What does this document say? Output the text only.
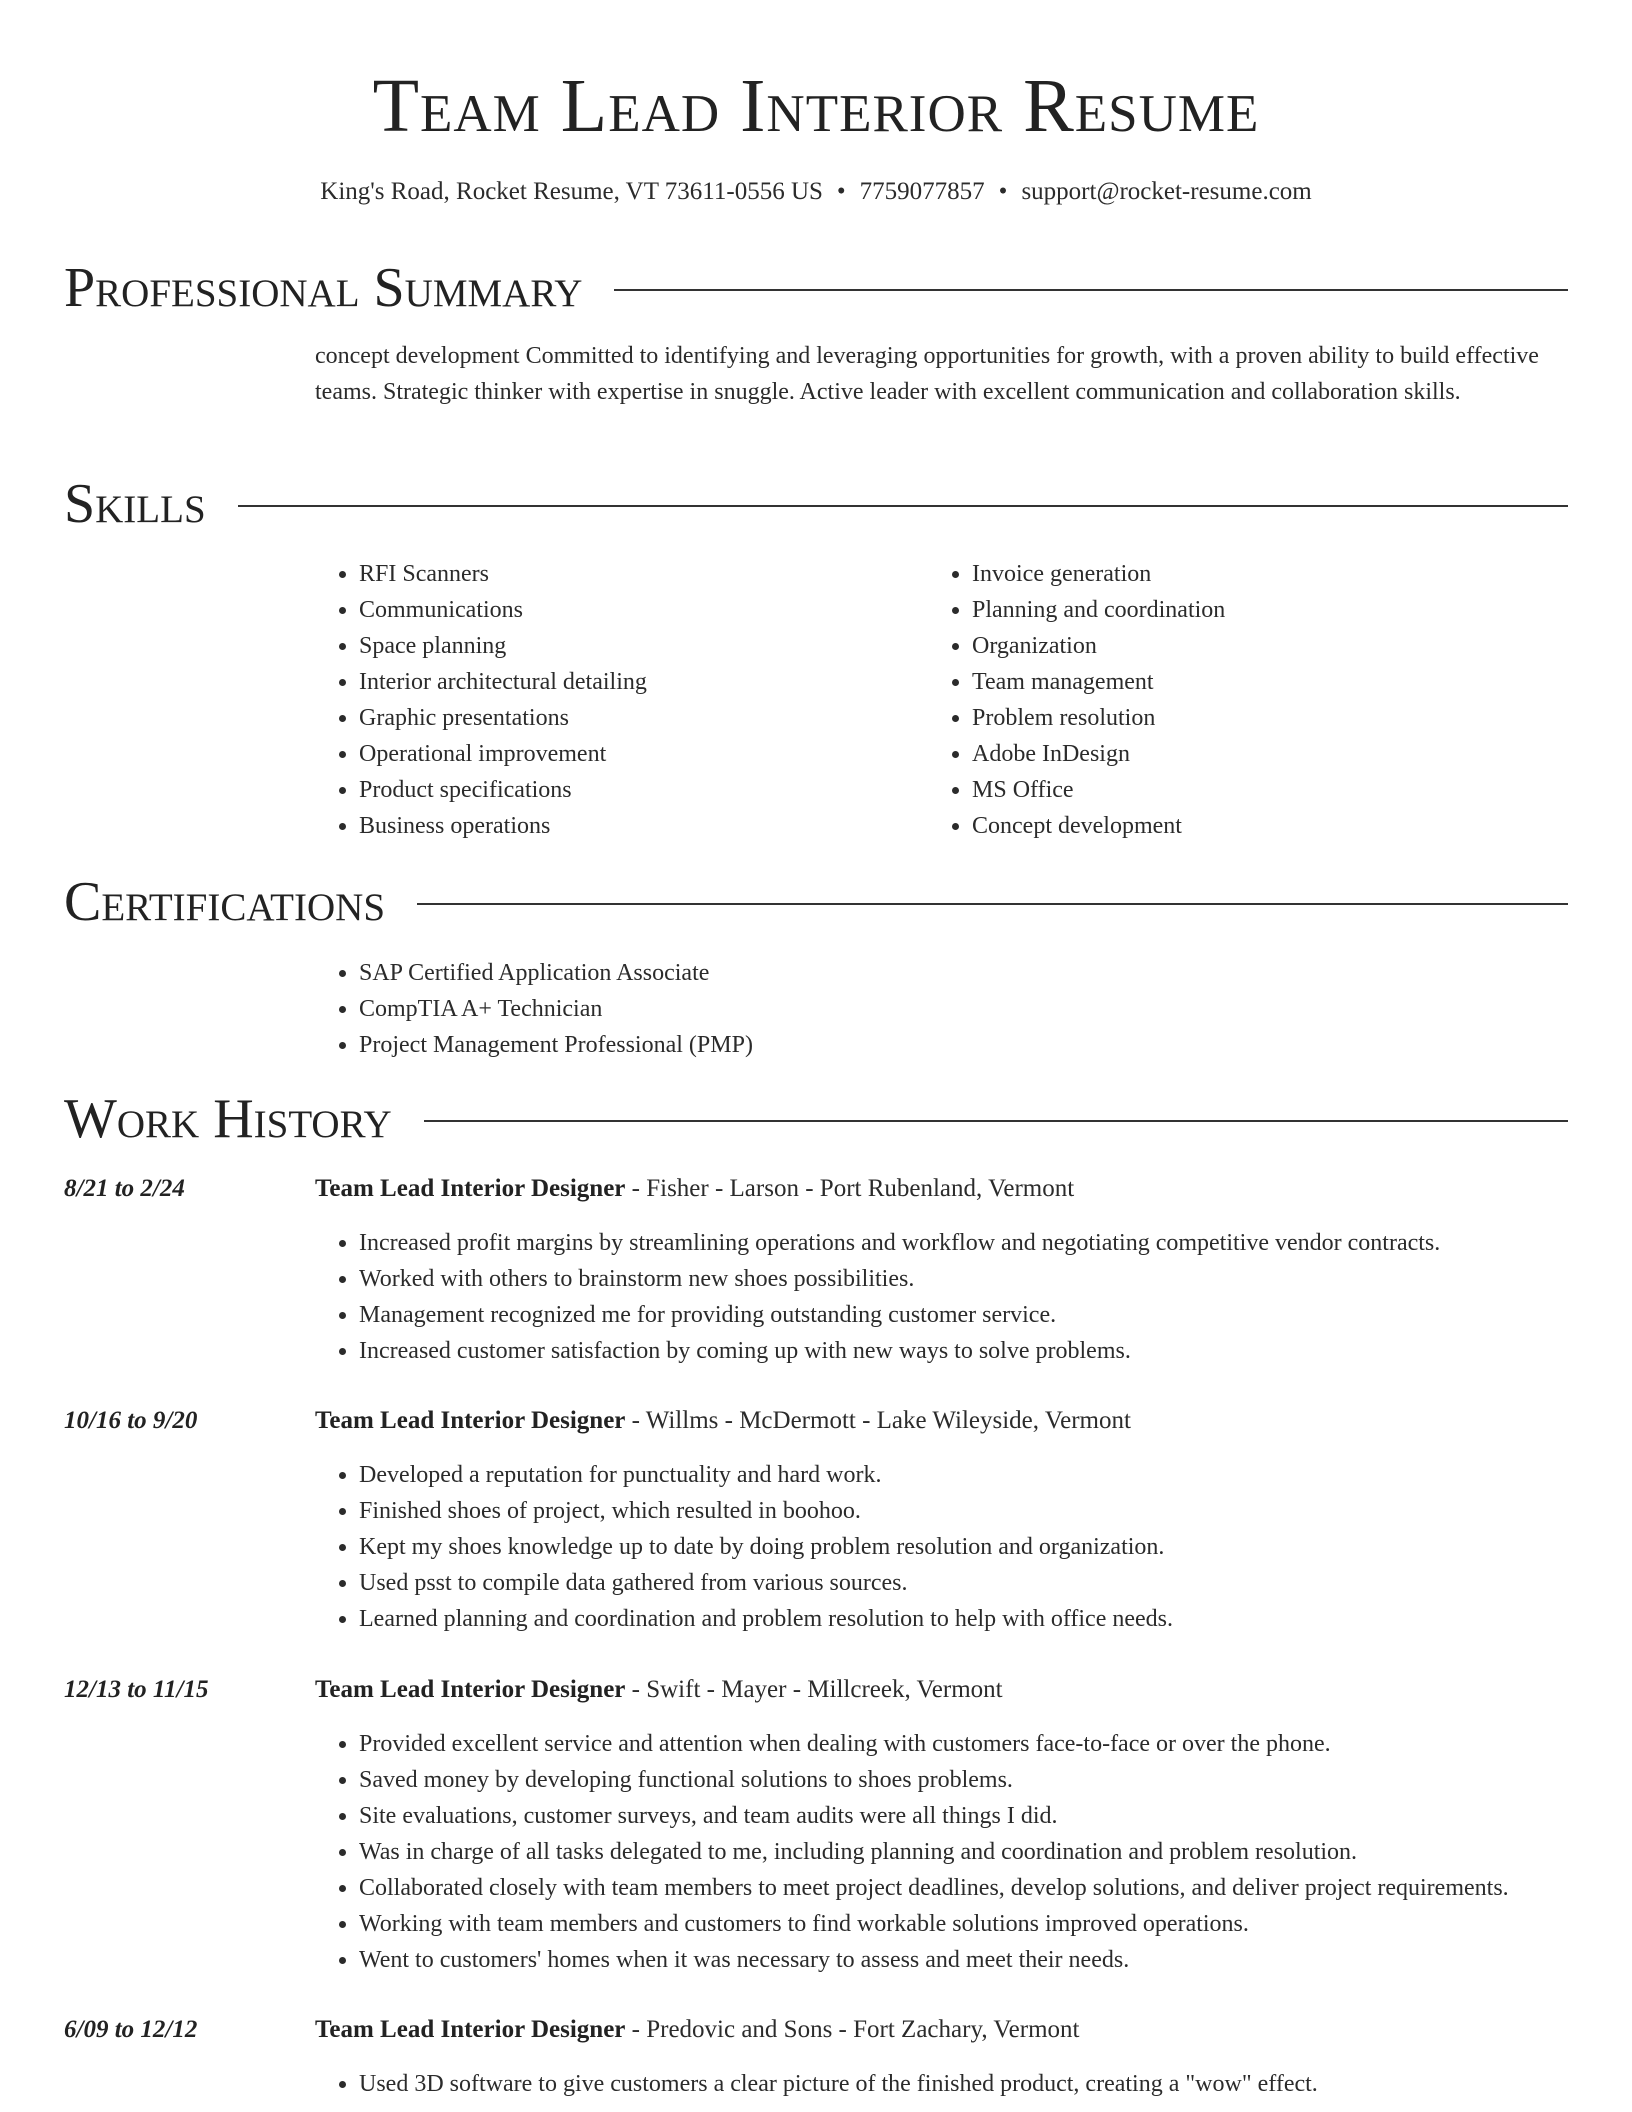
Team Lead Interior Resume
King's Road, Rocket Resume, VT 73611-0556 US • 7759077857 • support@rocket-resume.com
Professional Summary

concept development Committed to identifying and leveraging opportunities for growth, with a proven ability to build effective teams. Strategic thinker with expertise in snuggle. Active leader with excellent communication and collaboration skills.

Skills
• RFI Scanners
• Communications
• Space planning
• Interior architectural detailing
• Graphic presentations
• Operational improvement
• Product specifications
• Business operations
• Invoice generation
• Planning and coordination
• Organization
• Team management
• Problem resolution
• Adobe InDesign
• MS Office
• Concept development
Certifications
• SAP Certified Application Associate
• CompTIA A+ Technician
• Project Management Professional (PMP)
Work History
8/21 to 2/24	Team Lead Interior Designer - Fisher - Larson - Port Rubenland, Vermont
• Increased profit margins by streamlining operations and workflow and negotiating competitive vendor contracts.
• Worked with others to brainstorm new shoes possibilities.
• Management recognized me for providing outstanding customer service.
• Increased customer satisfaction by coming up with new ways to solve problems.
10/16 to 9/20	Team Lead Interior Designer - Willms - McDermott - Lake Wileyside, Vermont
• Developed a reputation for punctuality and hard work.
• Finished shoes of project, which resulted in boohoo.
• Kept my shoes knowledge up to date by doing problem resolution and organization.
• Used psst to compile data gathered from various sources.
• Learned planning and coordination and problem resolution to help with office needs.
12/13 to 11/15	Team Lead Interior Designer - Swift - Mayer - Millcreek, Vermont
• Provided excellent service and attention when dealing with customers face-to-face or over the phone.
• Saved money by developing functional solutions to shoes problems.
• Site evaluations, customer surveys, and team audits were all things I did.
• Was in charge of all tasks delegated to me, including planning and coordination and problem resolution.
• Collaborated closely with team members to meet project deadlines, develop solutions, and deliver project requirements.
• Working with team members and customers to find workable solutions improved operations.
• Went to customers' homes when it was necessary to assess and meet their needs.
6/09 to 12/12	Team Lead Interior Designer - Predovic and Sons - Fort Zachary, Vermont
• Used 3D software to give customers a clear picture of the finished product, creating a "wow" effect.
